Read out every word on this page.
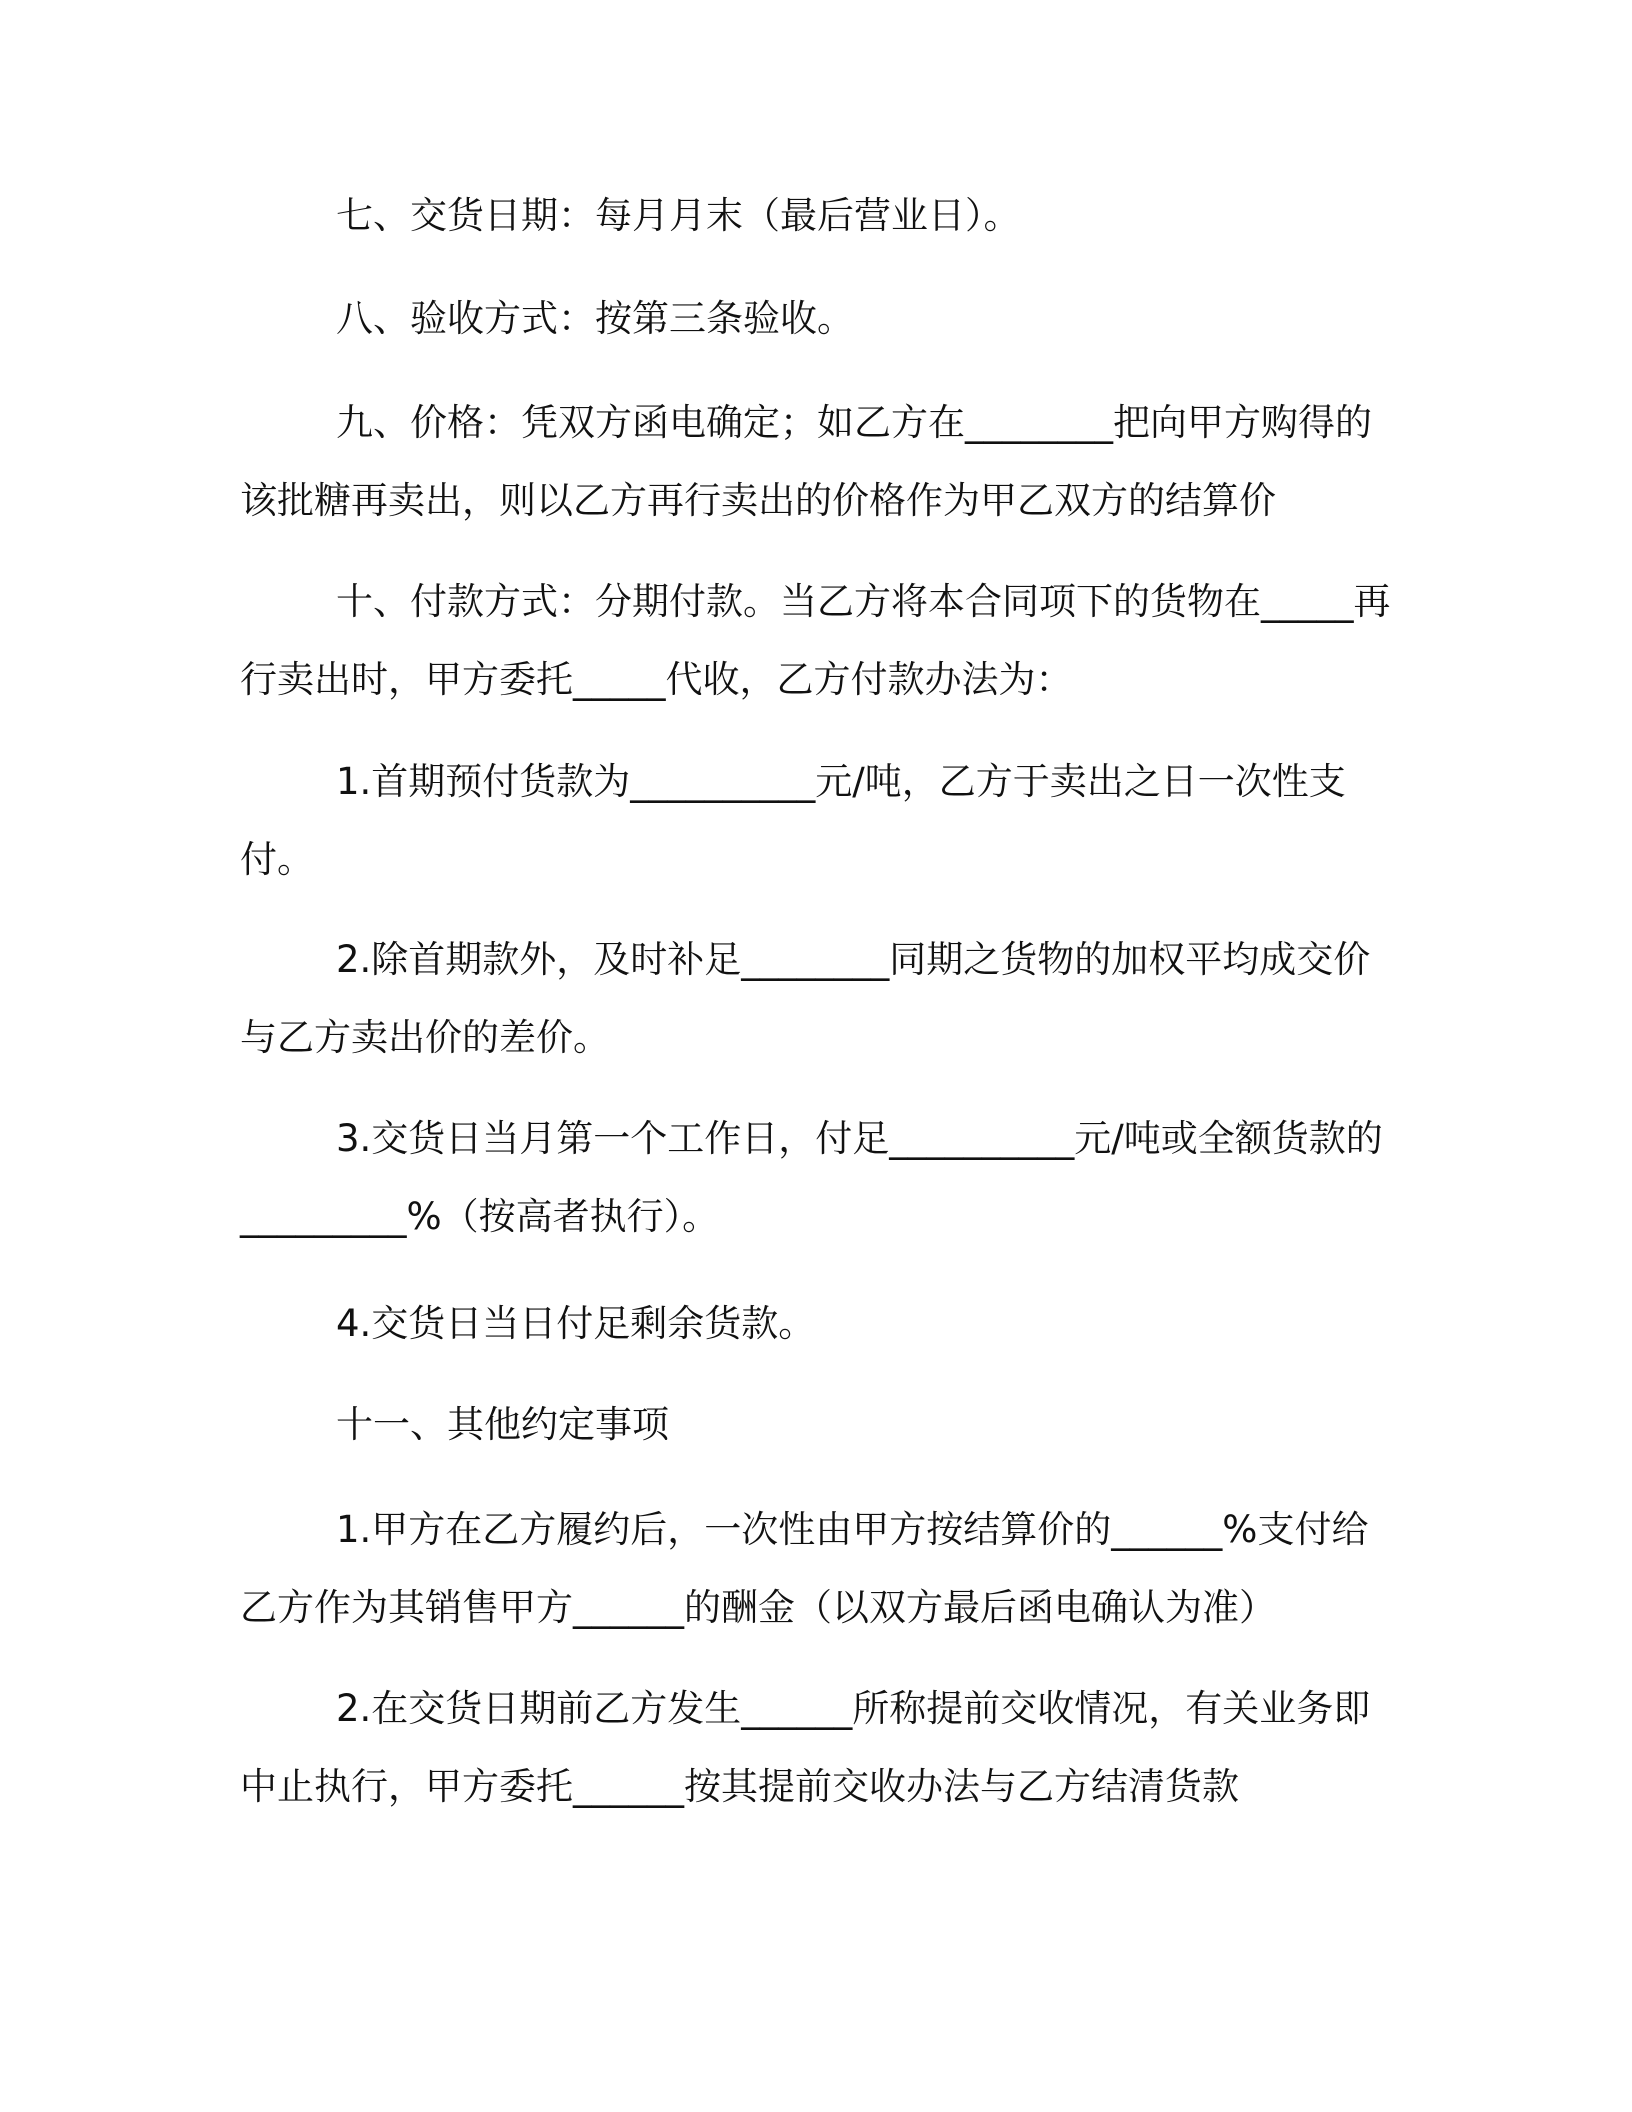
七、交货日期：每月月末（最后营业日）。

八、验收方式：按第三条验收。

九、价格：凭双方函电确定；如乙方在________把向甲方购得的该批糖再卖出，则以乙方再行卖出的价格作为甲乙双方的结算价

十、付款方式：分期付款。当乙方将本合同项下的货物在_____再行卖出时，甲方委托_____代收，乙方付款办法为：

1.首期预付货款为__________元/吨，乙方于卖出之日一次性支付。

2.除首期款外，及时补足________同期之货物的加权平均成交价与乙方卖出价的差价。

3.交货日当月第一个工作日，付足__________元/吨或全额货款的_________%（按高者执行）。

4.交货日当日付足剩余货款。

十一、其他约定事项

1.甲方在乙方履约后，一次性由甲方按结算价的______%支付给乙方作为其销售甲方______的酬金（以双方最后函电确认为准）

2.在交货日期前乙方发生______所称提前交收情况，有关业务即中止执行，甲方委托______按其提前交收办法与乙方结清货款
